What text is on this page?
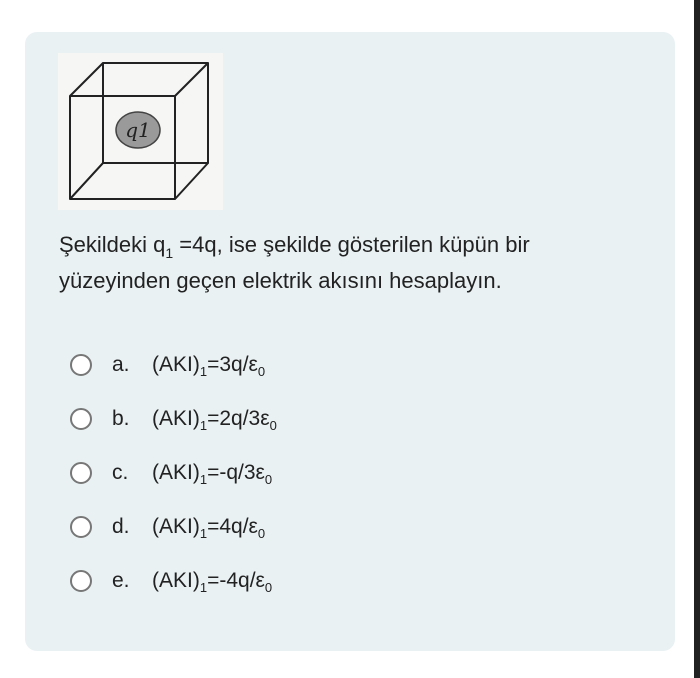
q1
Şekildeki $q_1 =4q$, ise şekilde gösterilen küpün bir
yüzeyinden geçen elektrik akısını hesaplayın.
a.	$(AKI)_1=3q/\varepsilon_0$
b.	$(AKI)_1=2q/3\varepsilon_0$
c.	$(AKI)_1=-q/3\varepsilon_0$
d.	$(AKI)_1=4q/\varepsilon_0$
e.	$(AKI)_1=-4q/\varepsilon_0$
